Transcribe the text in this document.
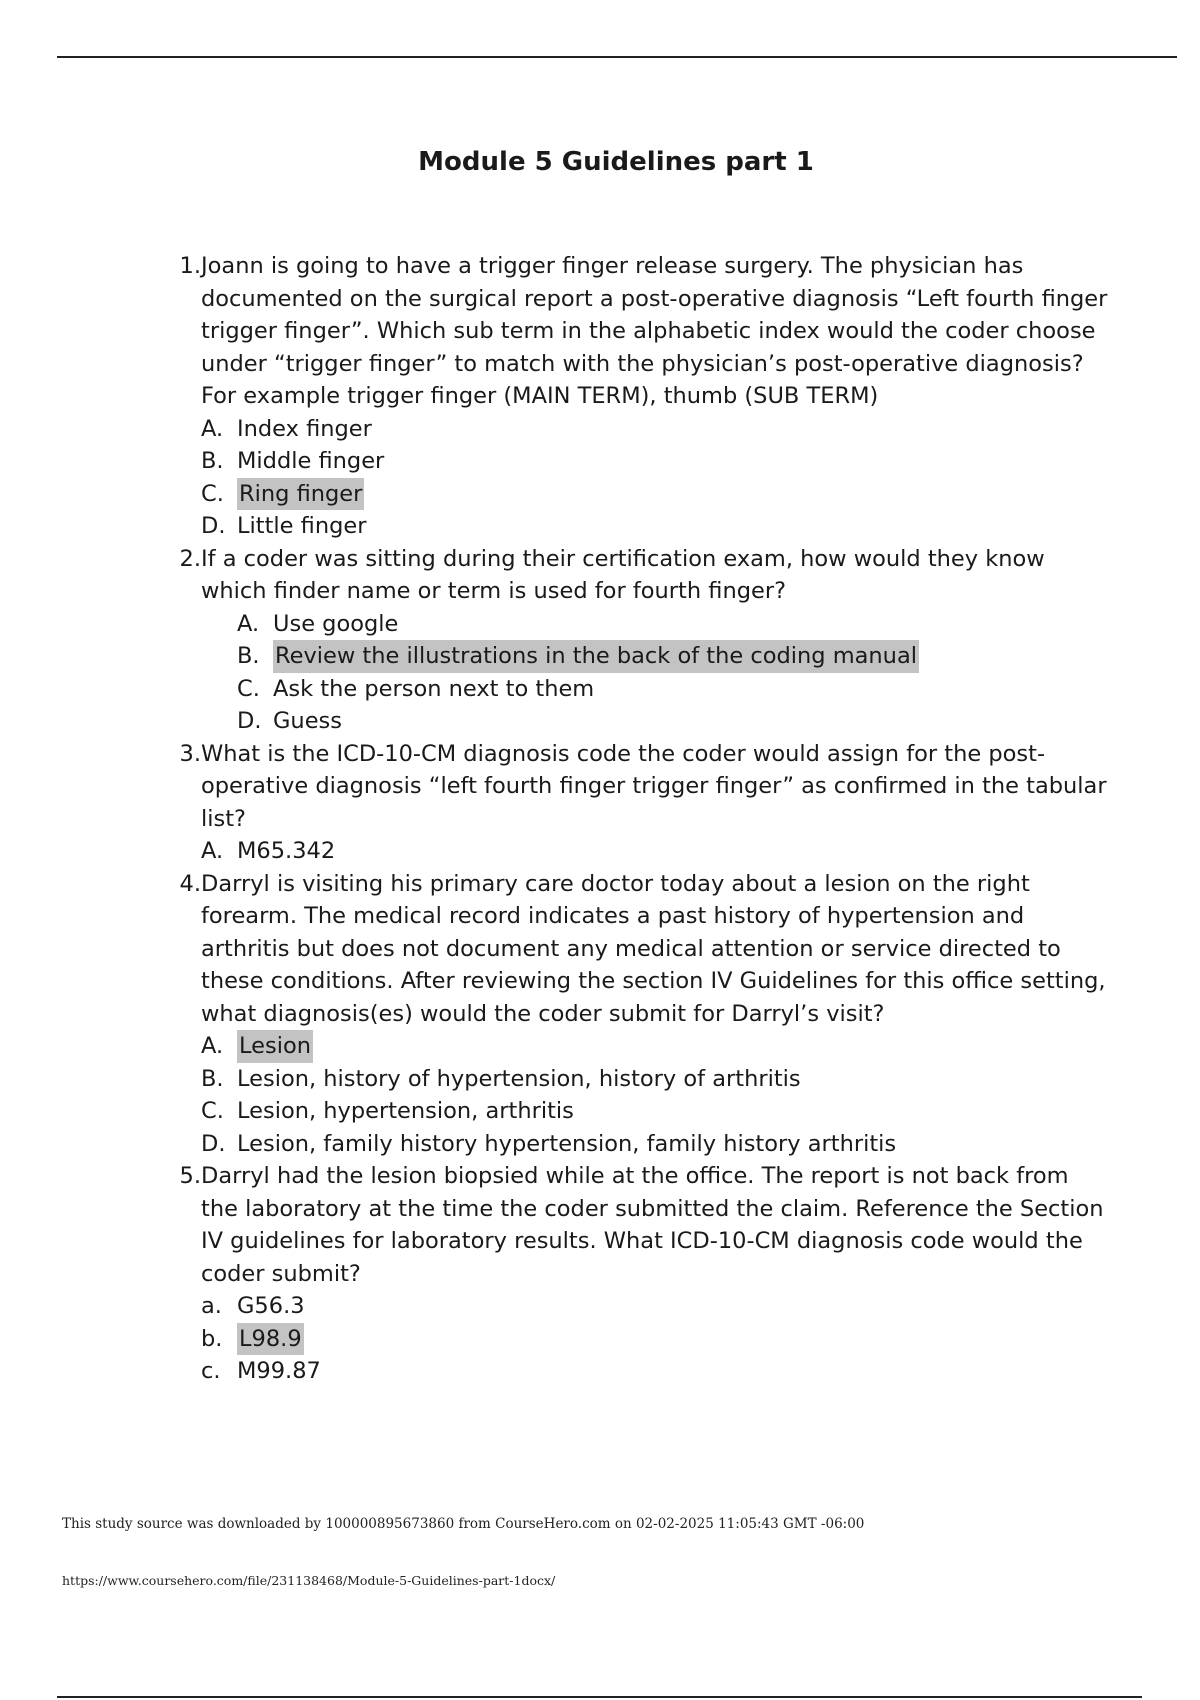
Module 5 Guidelines part 1
1. Joann is going to have a trigger finger release surgery. The physician has documented on the surgical report a post-operative diagnosis “Left fourth finger trigger finger”. Which sub term in the alphabetic index would the coder choose under “trigger finger” to match with the physician’s post-operative diagnosis? For example trigger finger (MAIN TERM), thumb (SUB TERM)
A. Index finger
B. Middle finger
C. Ring finger
D. Little finger
2. If a coder was sitting during their certification exam, how would they know which finder name or term is used for fourth finger?
A. Use google
B. Review the illustrations in the back of the coding manual
C. Ask the person next to them
D. Guess
3. What is the ICD-10-CM diagnosis code the coder would assign for the post-operative diagnosis “left fourth finger trigger finger” as confirmed in the tabular list?
A. M65.342
4. Darryl is visiting his primary care doctor today about a lesion on the right forearm. The medical record indicates a past history of hypertension and arthritis but does not document any medical attention or service directed to these conditions. After reviewing the section IV Guidelines for this office setting, what diagnosis(es) would the coder submit for Darryl’s visit?
A. Lesion
B. Lesion, history of hypertension, history of arthritis
C. Lesion, hypertension, arthritis
D. Lesion, family history hypertension, family history arthritis
5. Darryl had the lesion biopsied while at the office. The report is not back from the laboratory at the time the coder submitted the claim. Reference the Section IV guidelines for laboratory results. What ICD-10-CM diagnosis code would the coder submit?
a. G56.3
b. L98.9
c. M99.87
This study source was downloaded by 100000895673860 from CourseHero.com on 02-02-2025 11:05:43 GMT -06:00
https://www.coursehero.com/file/231138468/Module-5-Guidelines-part-1docx/
